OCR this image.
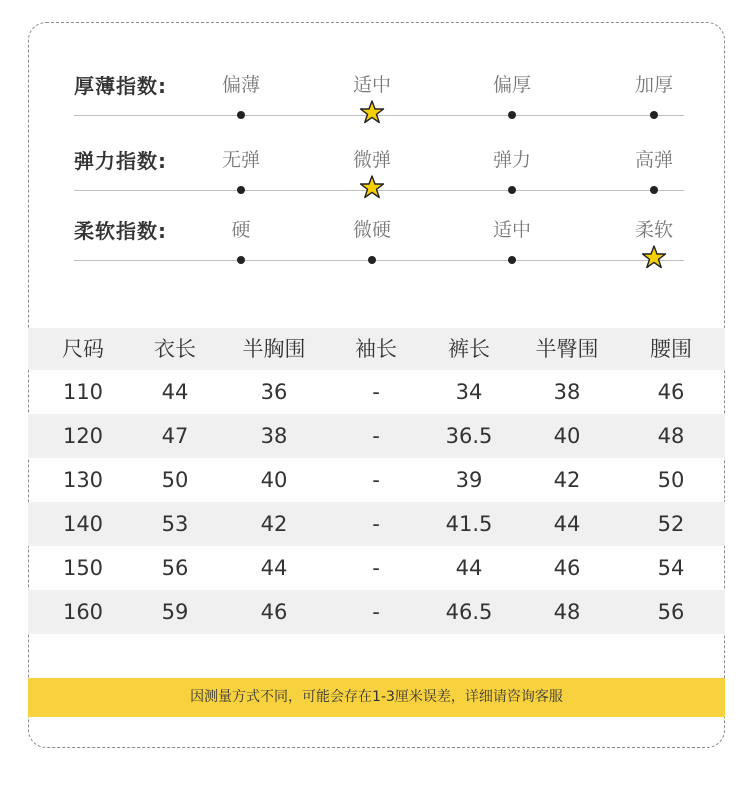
厚薄指数:	偏薄	适中	偏厚	加厚
弹力指数:	无弹	微弹	弹力	高弹
柔软指数:	硬	微硬	适中	柔软
尺码	衣长	半胸围	袖长	裤长	半臀围	腰围
110	44	36	-	34	38	46
120	47	38	-	36.5	40	48
130	50	40	-	39	42	50
140	53	42	-	41.5	44	52
150	56	44	-	44	46	54
160	59	46	-	46.5	48	56
因测量方式不同，可能会存在1-3厘米误差，详细请咨询客服
